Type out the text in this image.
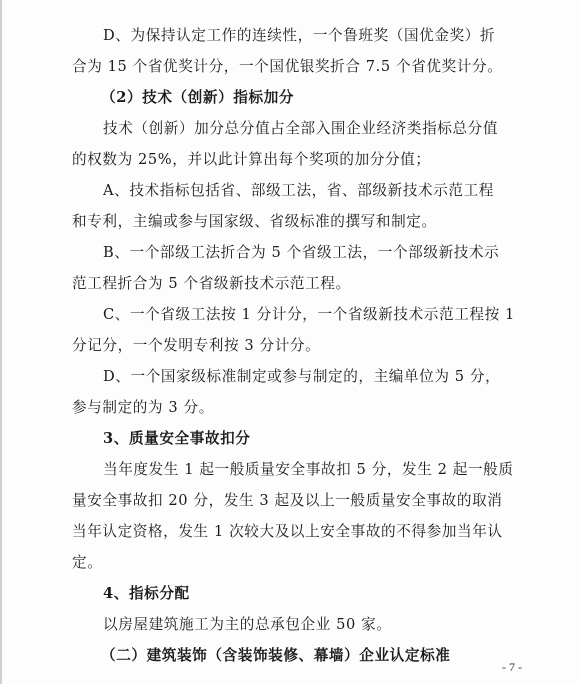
D、为保持认定工作的连续性，一个鲁班奖（国优金奖）折
合为 15 个省优奖计分，一个国优银奖折合 7.5 个省优奖计分。
（2）技术（创新）指标加分
技术（创新）加分总分值占全部入围企业经济类指标总分值
的权数为 25%，并以此计算出每个奖项的加分分值；
A、技术指标包括省、部级工法，省、部级新技术示范工程
和专利，主编或参与国家级、省级标准的撰写和制定。
B、一个部级工法折合为 5 个省级工法，一个部级新技术示
范工程折合为 5 个省级新技术示范工程。
C、一个省级工法按 1 分计分，一个省级新技术示范工程按 1
分记分，一个发明专利按 3 分计分。
D、一个国家级标准制定或参与制定的，主编单位为 5 分，
参与制定的为 3 分。
3、质量安全事故扣分
当年度发生 1 起一般质量安全事故扣 5 分，发生 2 起一般质
量安全事故扣 20 分，发生 3 起及以上一般质量安全事故的取消
当年认定资格，发生 1 次较大及以上安全事故的不得参加当年认
定。
4、指标分配
以房屋建筑施工为主的总承包企业 50 家。
（二）建筑装饰（含装饰装修、幕墙）企业认定标准
- 7 -
